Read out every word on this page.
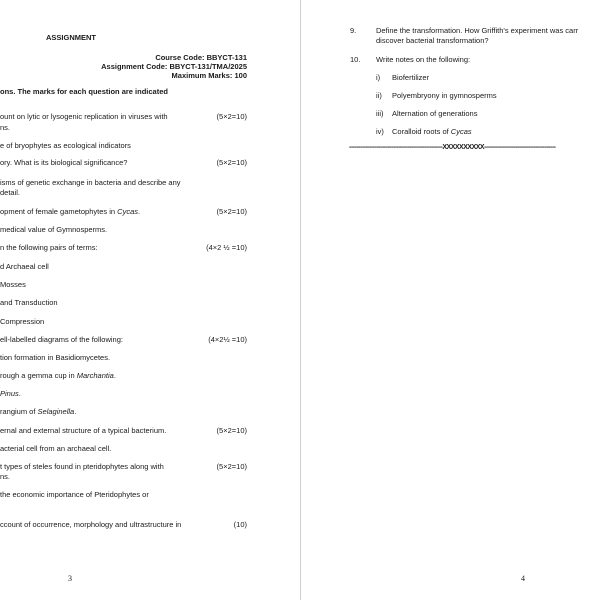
ASSIGNMENT
Course Code: BBYCT-131
Assignment Code: BBYCT-131/TMA/2025
Maximum Marks: 100
ons. The marks for each question are indicated
ount on lytic or lysogenic replication in viruses with	(5×2=10)
ns.
e of bryophytes as ecological indicators
ory. What is its biological significance?	(5×2=10)
isms of genetic exchange in bacteria and describe any
detail.
opment of female gametophytes in Cycas.	(5×2=10)
medical value of Gymnosperms.
n the following pairs of terms:	(4×2 ½ =10)
d Archaeal cell
Mosses
and Transduction
Compression
ell-labelled diagrams of the following:	(4×2½ =10)
tion formation in Basidiomycetes.
rough a gemma cup in Marchantia.
Pinus.
rangium of Selaginella.
ernal and external structure of a typical bacterium.	(5×2=10)
acterial cell from an archaeal cell.
t types of steles found in pteridophytes along with	(5×2=10)
ns.
the economic importance of Pteridophytes or
ccount of occurrence, morphology and ultrastructure in	(10)
3
9.	Define the transformation. How Griffith's experiment was carr
discover bacterial transformation?
10. Write notes on the following:
i) Biofertilizer
ii) Polyembryony in gymnosperms
iii) Alternation of generations
iv) Coralloid roots of Cycas
---------------------------------------------------XXXXXXXXXX---------------------------------------
4
